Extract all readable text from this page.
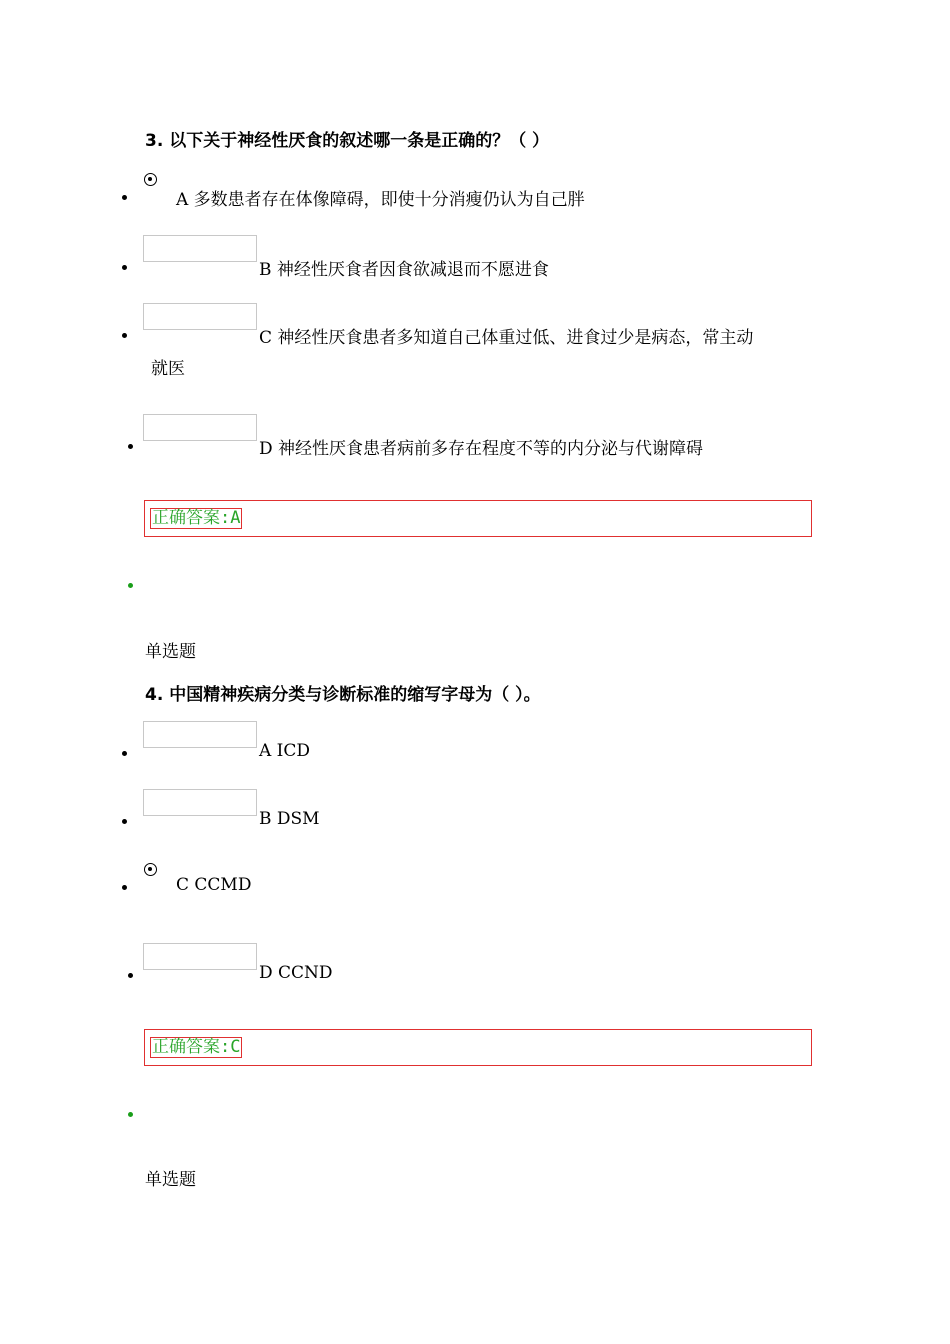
3. 以下关于神经性厌食的叙述哪一条是正确的？（ ）
A 多数患者存在体像障碍，即使十分消瘦仍认为自己胖
B 神经性厌食者因食欲减退而不愿进食
C 神经性厌食患者多知道自己体重过低、进食过少是病态，常主动
就医
D 神经性厌食患者病前多存在程度不等的内分泌与代谢障碍
正确答案:A
单选题
4. 中国精神疾病分类与诊断标准的缩写字母为（ ）。
A ICD
B DSM
C CCMD
D CCND
正确答案:C
单选题
